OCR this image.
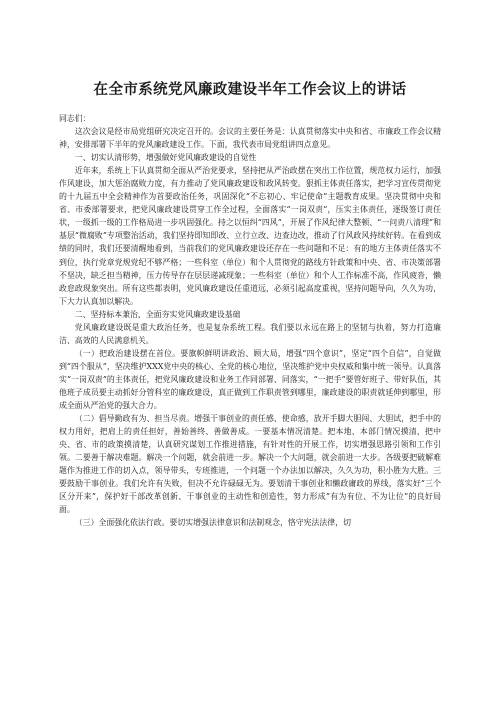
在全市系统党风廉政建设半年工作会议上的讲话

同志们：

这次会议是经市局党组研究决定召开的。会议的主要任务是：认真贯彻落实中央和省、市廉政工作会议精神，安排部署下半年的党风廉政建设工作。下面，我代表市局党组讲四点意见。

一、切实认清形势，增强做好党风廉政建设的自觉性

近年来，系统上下认真贯彻全面从严治党要求，坚持把从严治政摆在突出工作位置，规范权力运行，加强作风建设，加大惩治腐败力度，有力推动了党风廉政建设和政风转变。狠抓主体责任落实，把学习宣传贯彻党的十九届五中全会精神作为首要政治任务，巩固深化“不忘初心、牢记使命”主题教育成果。坚决贯彻中央和省、市委部署要求，把党风廉政建设贯穿工作全过程，全面落实“一岗双责”，压实主体责任，逐级签订责任状，一级抓一级的工作格局进一步巩固强化。持之以恒纠“四风”，开展了作风纪律大整顿、“一问责八清理”和基层“微腐败”专项整治活动，我们坚持即知即改、立行立改、边查边改，推动了行风政风持续好转。在看到成绩的同时，我们还要清醒地看到，当前我们的党风廉政建设还存在一些问题和不足：有的地方主体责任落实不到位，执行党章党规党纪不够严格；一些科室（单位）和个人贯彻党的路线方针政策和中央、省、市决策部署不坚决，缺乏担当精神，压力传导存在层层递减现象；一些科室（单位）和个人工作标准不高，作风疲沓，懒政怠政现象突出。所有这些都表明，党风廉政建设任重道远，必须引起高度重视，坚持问题导向，久久为功，下大力认真加以解决。

二、坚持标本兼治，全面夯实党风廉政建设基础

党风廉政建设既是重大政治任务，也是复杂系统工程。我们要以永远在路上的坚韧与执着，努力打造廉洁、高效的人民满意机关。

（一）把政治建设摆在首位。要旗帜鲜明讲政治、顾大局，增强“四个意识”，坚定“四个自信”，自觉做到“四个服从”，坚决维护XXX党中央的核心、全党的核心地位，坚决维护党中央权威和集中统一领导。认真落实“一岗双责”的主体责任，把党风廉政建设和业务工作同部署、同落实，“一把手”要管好班子、带好队伍，其他班子成员要主动抓好分管科室的廉政建设，真正做到工作职责管到哪里，廉政建设的职责就延伸到哪里，形成全面从严治党的强大合力。

（二）倡导勤政有为、担当尽责。增强干事创业的责任感、使命感，放开手脚大胆闯、大胆试，把手中的权力用好，把肩上的责任担好，善始善终、善做善成。一要基本情况清楚。把本地、本部门情况摸清，把中央、省、市的政策摸清楚，认真研究谋划工作推进措施，有针对性的开展工作，切实增强思路引领和工作引领。二要善于解决难题。解决一个问题，就会前进一步。解决一个大问题，就会前进一大步。各级要把破解难题作为推进工作的切入点，领导带头，专班推进，一个问题一个办法加以解决，久久为功，积小胜为大胜。三要鼓励干事创业。我们允许有失败，但决不允许碌碌无为。要划清干事创业和懒政庸政的界线，落实好“三个区分开来”，保护好干部改革创新、干事创业的主动性和创造性，努力形成“有为有位、不为让位”的良好局面。

（三）全面强化依法行政。要切实增强法律意识和法制观念，恪守宪法法律，切
